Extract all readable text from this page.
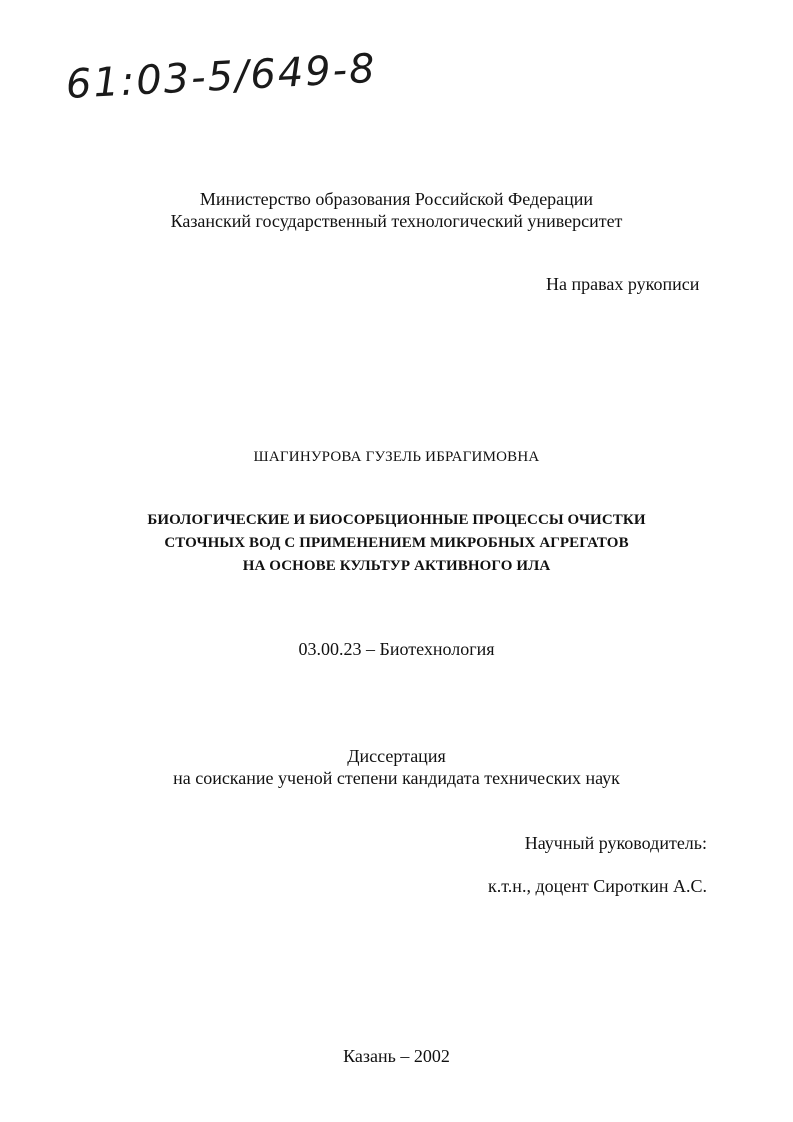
61:03-5/649-8
Министерство образования Российской Федерации
Казанский государственный технологический университет
На правах рукописи
ШАГИНУРОВА ГУЗЕЛЬ ИБРАГИМОВНА
БИОЛОГИЧЕСКИЕ И БИОСОРБЦИОННЫЕ ПРОЦЕССЫ ОЧИСТКИ
СТОЧНЫХ ВОД С ПРИМЕНЕНИЕМ МИКРОБНЫХ АГРЕГАТОВ
НА ОСНОВЕ КУЛЬТУР АКТИВНОГО ИЛА
03.00.23 – Биотехнология
Диссертация
на соискание ученой степени кандидата технических наук
Научный руководитель:
к.т.н., доцент Сироткин А.С.
Казань – 2002
